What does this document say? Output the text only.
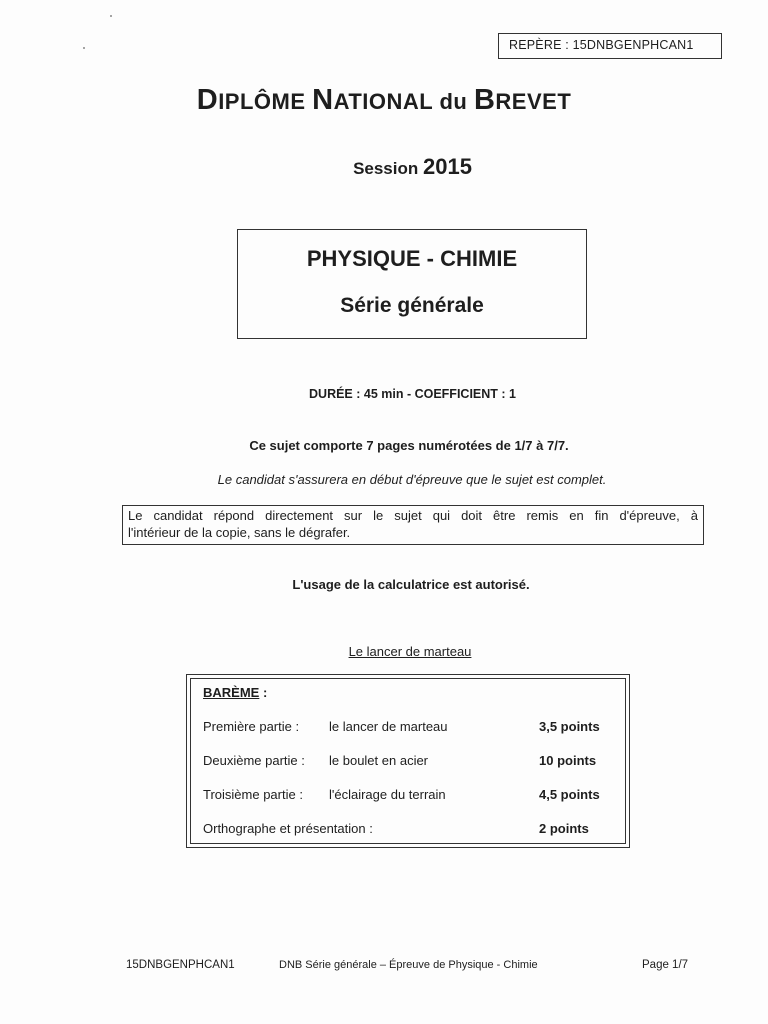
REPÈRE : 15DNBGENPHCAN1
DIPLÔME NATIONAL du BREVET
Session 2015
PHYSIQUE - CHIMIE
Série générale
DURÉE : 45 min - COEFFICIENT : 1
Ce sujet comporte 7 pages numérotées de 1/7 à 7/7.
Le candidat s'assurera en début d'épreuve que le sujet est complet.
Le candidat répond directement sur le sujet qui doit être remis en fin d'épreuve, à
l'intérieur de la copie, sans le dégrafer.
L'usage de la calculatrice est autorisé.
Le lancer de marteau
BARÈME :
Première partie : le lancer de marteau	3,5 points
Deuxième partie : le boulet en acier	10 points
Troisième partie : l'éclairage du terrain	4,5 points
Orthographe et présentation :	2 points
15DNBGENPHCAN1	DNB Série générale – Épreuve de Physique - Chimie	Page 1/7
